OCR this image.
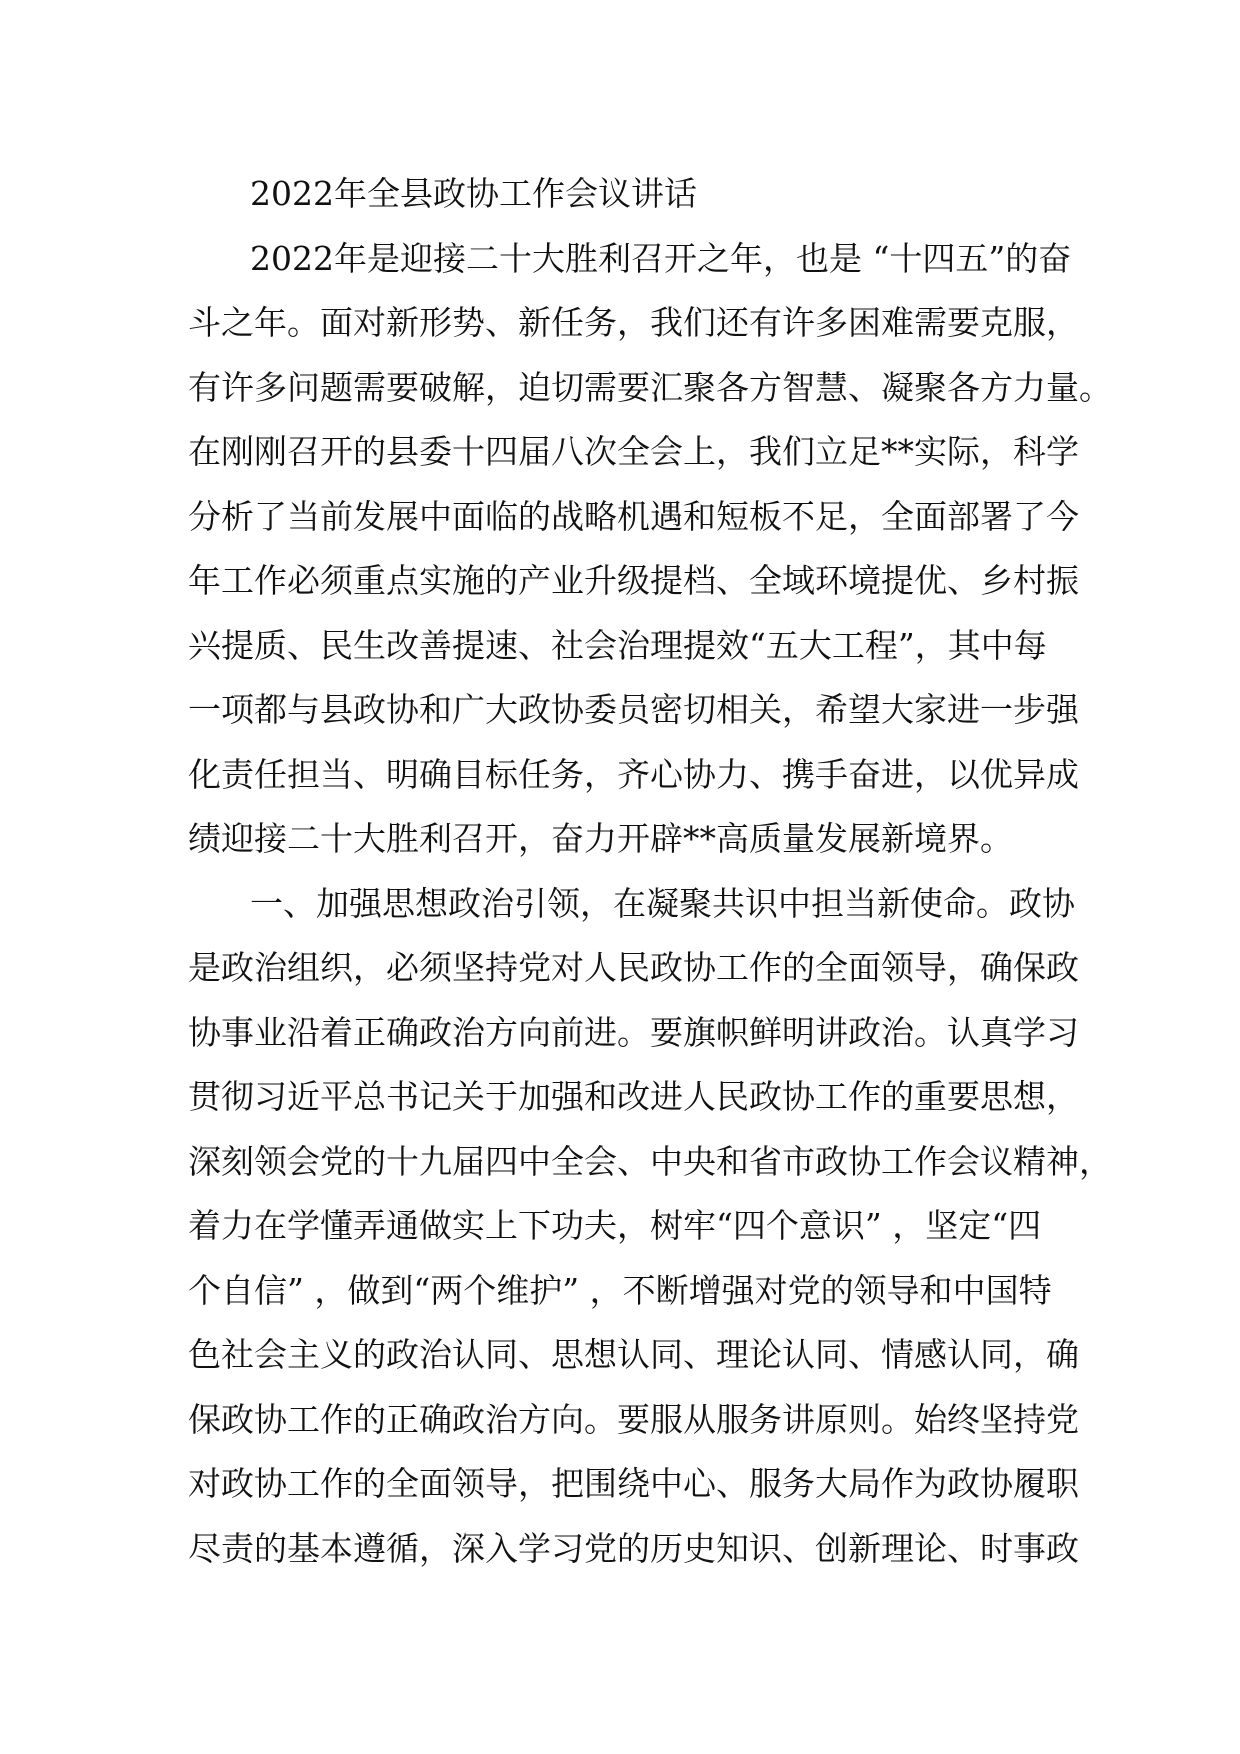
2022年全县政协工作会议讲话
2022年是迎接二十大胜利召开之年，也是 “十四五”的奋
斗之年。面对新形势、新任务，我们还有许多困难需要克服，
有许多问题需要破解，迫切需要汇聚各方智慧、凝聚各方力量。
在刚刚召开的县委十四届八次全会上，我们立足**实际，科学
分析了当前发展中面临的战略机遇和短板不足，全面部署了今
年工作必须重点实施的产业升级提档、全域环境提优、乡村振
兴提质、民生改善提速、社会治理提效“五大工程”，其中每
一项都与县政协和广大政协委员密切相关，希望大家进一步强
化责任担当、明确目标任务，齐心协力、携手奋进，以优异成
绩迎接二十大胜利召开，奋力开辟**高质量发展新境界。
一、加强思想政治引领，在凝聚共识中担当新使命。政协
是政治组织，必须坚持党对人民政协工作的全面领导，确保政
协事业沿着正确政治方向前进。要旗帜鲜明讲政治。认真学习
贯彻习近平总书记关于加强和改进人民政协工作的重要思想，
深刻领会党的十九届四中全会、中央和省市政协工作会议精神，
着力在学懂弄通做实上下功夫，树牢“四个意识” ，坚定“四
个自信” ，做到“两个维护” ，不断增强对党的领导和中国特
色社会主义的政治认同、思想认同、理论认同、情感认同，确
保政协工作的正确政治方向。要服从服务讲原则。始终坚持党
对政协工作的全面领导，把围绕中心、服务大局作为政协履职
尽责的基本遵循，深入学习党的历史知识、创新理论、时事政
